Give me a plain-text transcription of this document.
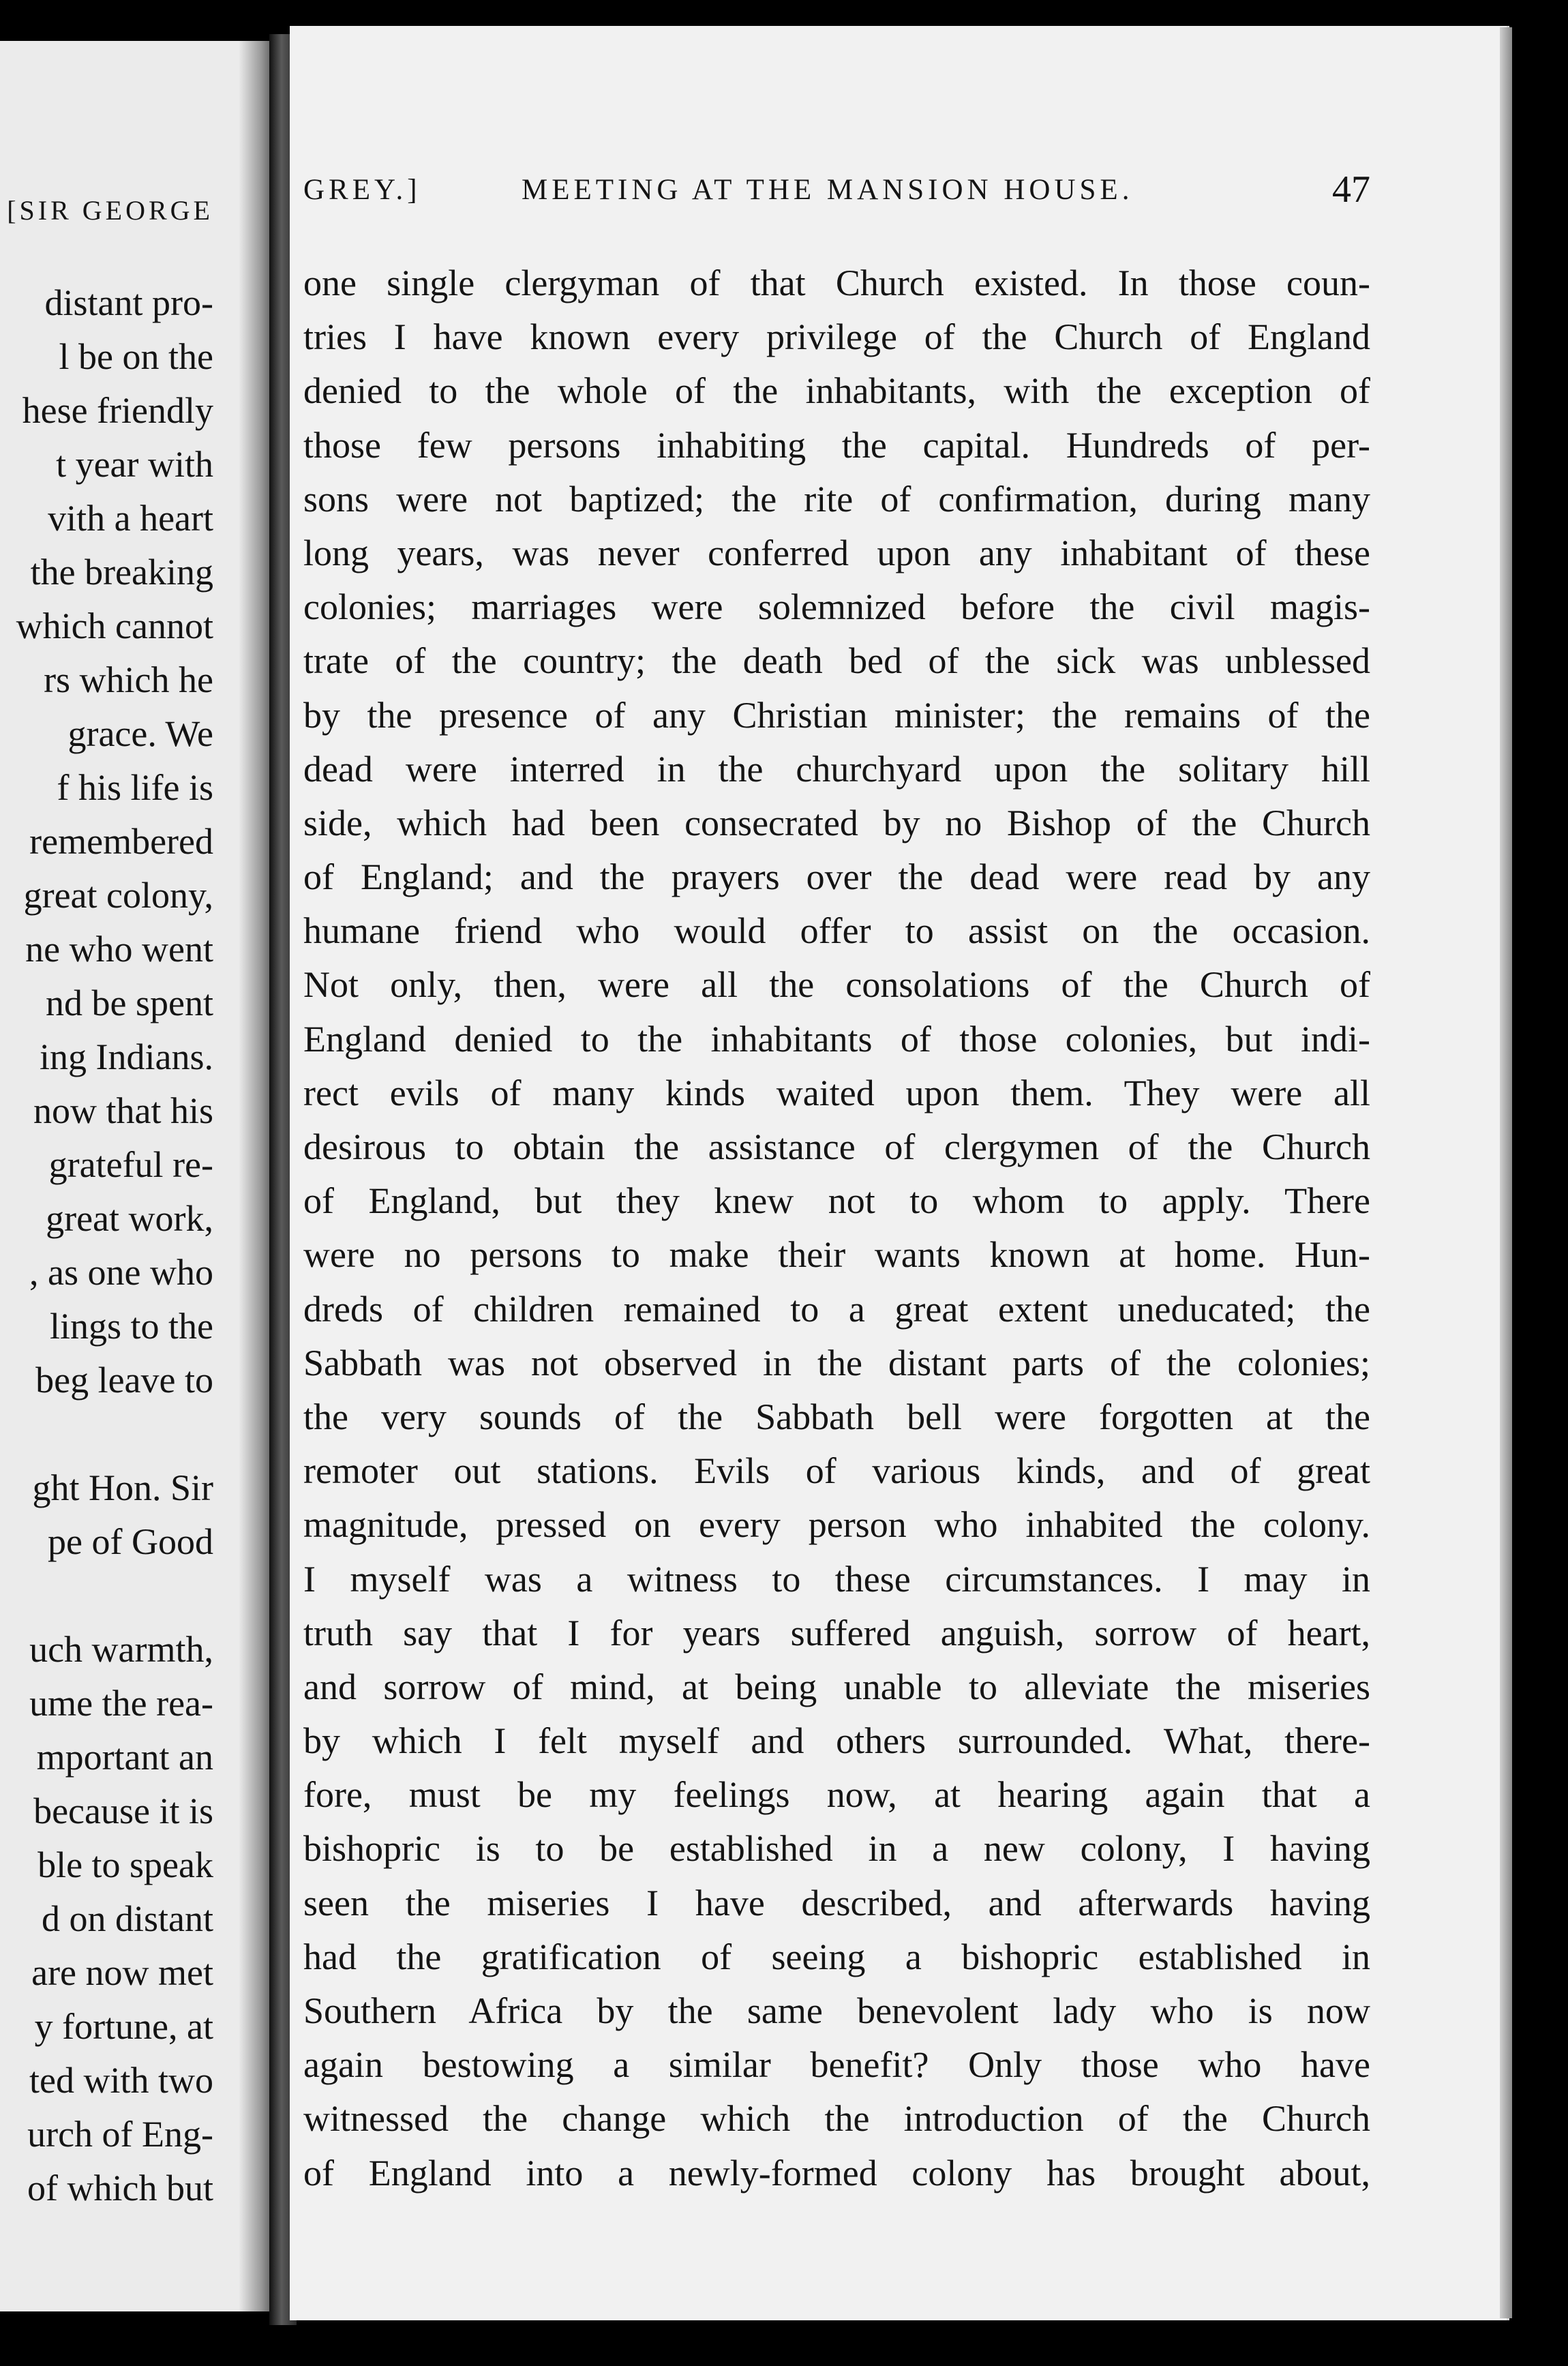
[SIR GEORGE

distant pro-

l be on the

hese friendly

t year with

vith a heart

the breaking

which cannot

rs which he

grace. We

f his life is

remembered

great colony,

ne who went

nd be spent

ing Indians.

now that his

grateful re-

great work,

, as one who

lings to the

beg leave to

ght Hon. Sir

pe of Good

uch warmth,

ume the rea-

mportant an

because it is

ble to speak

d on distant

are now met

y fortune, at

ted with two

urch of Eng-

of which but

GREY.]	MEETING AT THE MANSION HOUSE.	47

one single clergyman of that Church existed. In those coun-

tries I have known every privilege of the Church of England

denied to the whole of the inhabitants, with the exception of

those few persons inhabiting the capital. Hundreds of per-

sons were not baptized; the rite of confirmation, during many

long years, was never conferred upon any inhabitant of these

colonies; marriages were solemnized before the civil magis-

trate of the country; the death bed of the sick was unblessed

by the presence of any Christian minister; the remains of the

dead were interred in the churchyard upon the solitary hill

side, which had been consecrated by no Bishop of the Church

of England; and the prayers over the dead were read by any

humane friend who would offer to assist on the occasion.

Not only, then, were all the consolations of the Church of

England denied to the inhabitants of those colonies, but indi-

rect evils of many kinds waited upon them. They were all

desirous to obtain the assistance of clergymen of the Church

of England, but they knew not to whom to apply. There

were no persons to make their wants known at home. Hun-

dreds of children remained to a great extent uneducated; the

Sabbath was not observed in the distant parts of the colonies;

the very sounds of the Sabbath bell were forgotten at the

remoter out stations. Evils of various kinds, and of great

magnitude, pressed on every person who inhabited the colony.

I myself was a witness to these circumstances. I may in

truth say that I for years suffered anguish, sorrow of heart,

and sorrow of mind, at being unable to alleviate the miseries

by which I felt myself and others surrounded. What, there-

fore, must be my feelings now, at hearing again that a

bishopric is to be established in a new colony, I having

seen the miseries I have described, and afterwards having

had the gratification of seeing a bishopric established in

Southern Africa by the same benevolent lady who is now

again bestowing a similar benefit? Only those who have

witnessed the change which the introduction of the Church

of England into a newly-formed colony has brought about,
